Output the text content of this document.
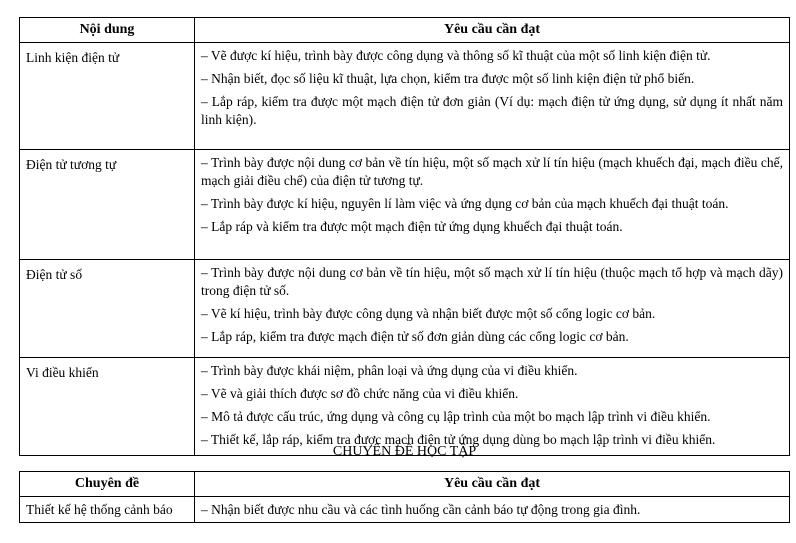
Nội dung	Yêu cầu cần đạt
Linh kiện điện tử	– Vẽ được kí hiệu, trình bày được công dụng và thông số kĩ thuật của một số linh kiện điện tử.
– Nhận biết, đọc số liệu kĩ thuật, lựa chọn, kiểm tra được một số linh kiện điện tử phổ biến.
– Lắp ráp, kiểm tra được một mạch điện tử đơn giản (Ví dụ: mạch điện tử ứng dụng, sử dụng ít nhất năm linh kiện).

Điện tử tương tự	– Trình bày được nội dung cơ bản về tín hiệu, một số mạch xử lí tín hiệu (mạch khuếch đại, mạch điều chế, mạch giải điều chế) của điện tử tương tự.
– Trình bày được kí hiệu, nguyên lí làm việc và ứng dụng cơ bản của mạch khuếch đại thuật toán.
– Lắp ráp và kiểm tra được một mạch điện tử ứng dụng khuếch đại thuật toán.

Điện tử số	– Trình bày được nội dung cơ bản về tín hiệu, một số mạch xử lí tín hiệu (thuộc mạch tổ hợp và mạch dãy) trong điện tử số.
– Vẽ kí hiệu, trình bày được công dụng và nhận biết được một số cổng logic cơ bản.
– Lắp ráp, kiểm tra được mạch điện tử số đơn giản dùng các cổng logic cơ bản.

Vi điều khiển	– Trình bày được khái niệm, phân loại và ứng dụng của vi điều khiển.
– Vẽ và giải thích được sơ đồ chức năng của vi điều khiển.
– Mô tả được cấu trúc, ứng dụng và công cụ lập trình của một bo mạch lập trình vi điều khiển.
– Thiết kế, lắp ráp, kiểm tra được mạch điện tử ứng dụng dùng bo mạch lập trình vi điều khiển.
CHUYÊN ĐỀ HỌC TẬP
Chuyên đề	Yêu cầu cần đạt
Thiết kế hệ thống cảnh báo	– Nhận biết được nhu cầu và các tình huống cần cảnh báo tự động trong gia đình.
